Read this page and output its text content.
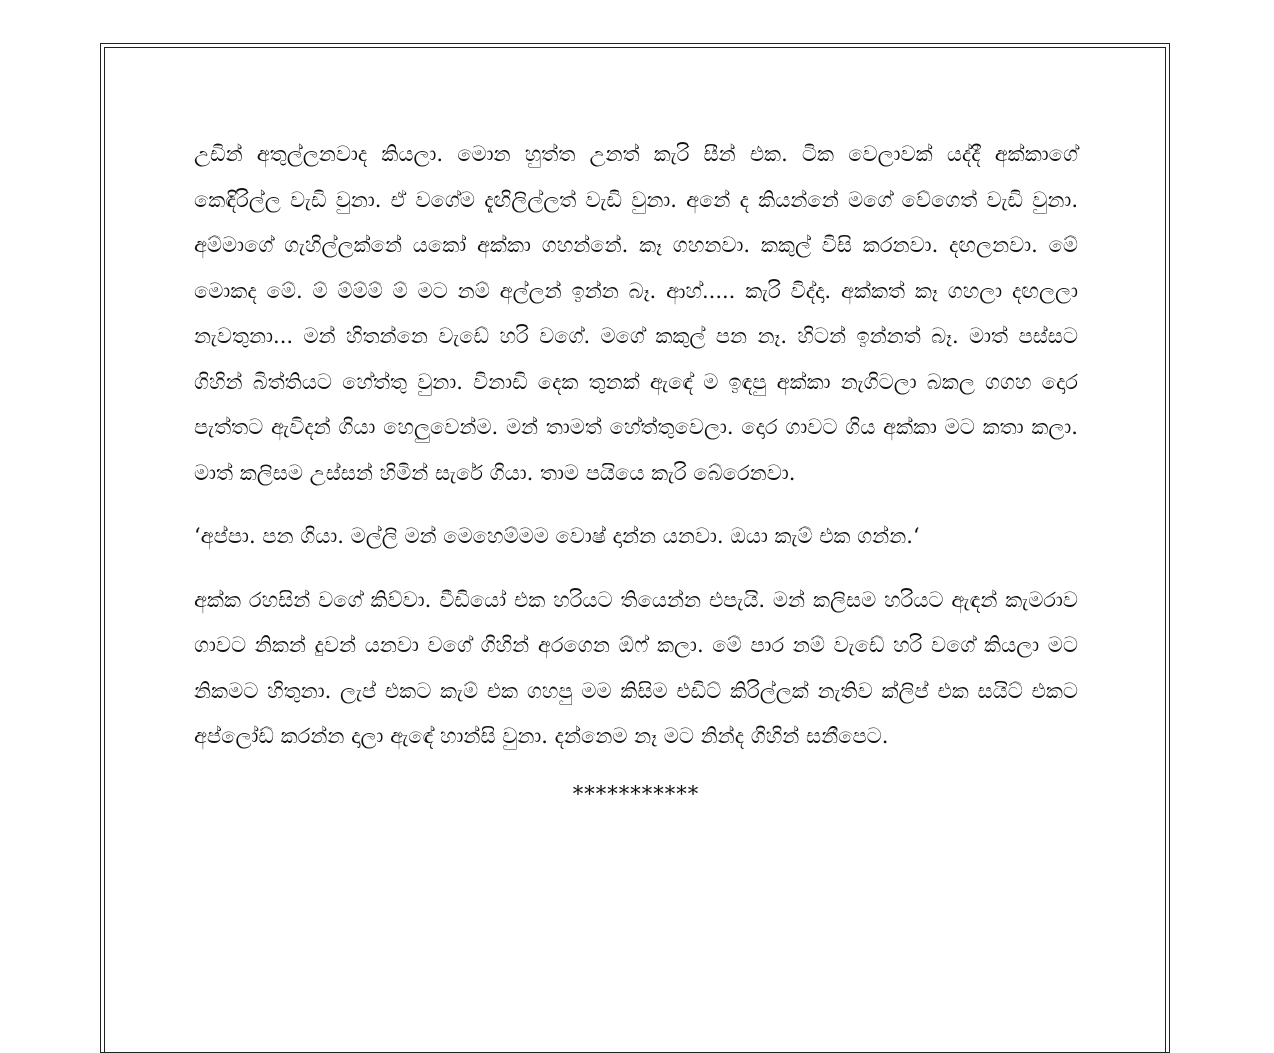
උඩින් අතුල්ලනවාද කියලා. මොන හුත්ත උනත් කැරි සීන් එක. ටික වෙලාවක් යද්දී අක්කාගේ කෙඳිරිල්ල වැඩි වුනා. ඒ වගේම දැඟිලිල්ලත් වැඩි වුනා. අනේ ද කියන්නේ මගේ වේගෙත් වැඩි වුනා. අම්මාගේ ගැහිල්ලක්නේ යකෝ අක්කා ගහන්නේ. කෑ ගහනවා. කකුල් විසි කරනවා. දඟලනවා. මේ මොකද මේ. ම් ම්ම්ම් ම් මට නම් අල්ලන් ඉන්න බෑ. ආහ්..... කැරි විද්දා. අක්කත් කෑ ගහලා දඟලලා නැවතුනා... මන් හිතන්නෙ වැඩේ හරි වගේ. මගේ කකුල් පන නෑ. හිටන් ඉන්නත් බෑ. මාත් පස්සට ගිහින් බිත්තියට හේත්තු වුනා. විනාඩි දෙක තුනක් ඇඳේ ම ඉඳපු අක්කා නැගිටලා බකල ගගහ දොර පැත්තට ඇවිදන් ගියා හෙලුවෙන්ම. මන් තාමත් හේත්තුවෙලා. දොර ගාවට ගිය අක්කා මට කතා කලා. මාත් කලිසම උස්සන් හිමින් සැරේ ගියා. තාම පයියෙ කැරි බේරෙනවා.

‘අප්පා. පන ගියා. මල්ලි මන් මෙහෙම්මම වොෂ් දාන්න යනවා. ඔයා කැම් එක ගන්න.‘

අක්ක රහසින් වගේ කිව්වා. වීඩියෝ එක හරියට තියෙන්න එපැයි. මන් කලිසම හරියට ඇඳන් කැමරාව ගාවට නිකන් දුවන් යනවා වගේ ගිහින් අරගෙන ඕෆ් කලා. මේ පාර නම් වැඩේ හරි වගේ කියලා මට නිකමට හිතුනා. ලැප් එකට කැම් එක ගහපු මම කිසිම එඩිට් කිරිල්ලක් නැතිව ක්ලිප් එක සයිට් එකට අප්ලෝඩ් කරන්න දාලා ඇඳේ හාන්සි වුනා. දන්නෙම නෑ මට නින්ද ගිහින් සනීපෙට.

***********
